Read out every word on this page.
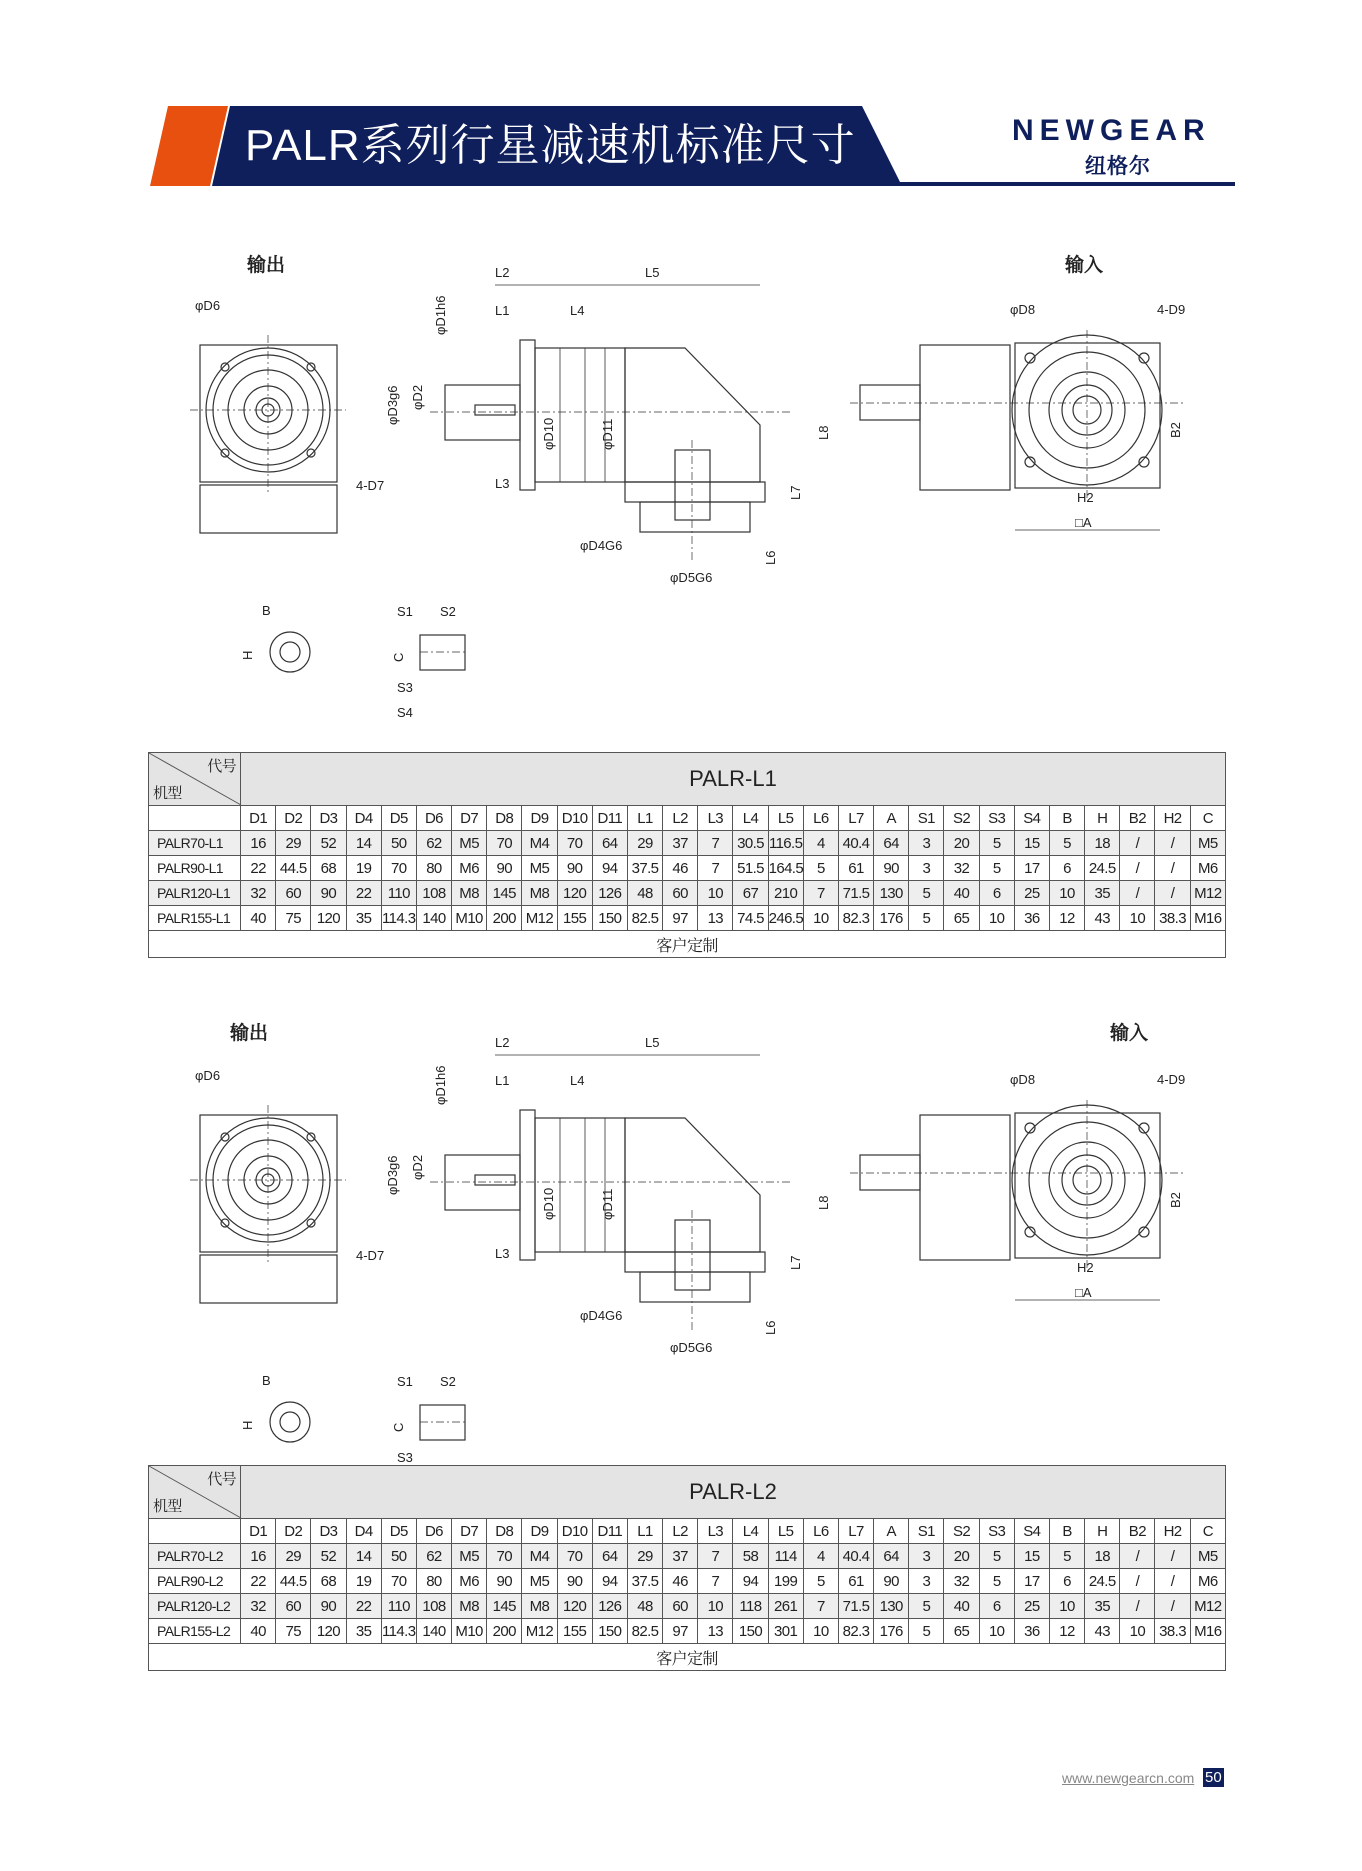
PALR系列行星减速机标准尺寸	NEWGEAR
纽格尔
输出	输入
L2	L5
L1	L4
φD1h6
φD3g6 φD2
φD10	φD11	L8
L7
L3
L6
φD4G6
φD5G6
φD6
4-D7
φD8	4-D9
B2
H2
□A
B
H
S1 S2
C
S3
S4
代号
机型	PALR-L1																											
	D1	D2	D3	D4	D5	D6	D7	D8	D9	D10	D11	L1	L2	L3	L4	L5	L6	L7	A	S1	S2	S3	S4	B	H	B2	H2	C
PALR70-L1	16	29	52	14	50	62	M5	70	M4	70	64	29	37	7	30.5	116.5	4	40.4	64	3	20	5	15	5	18	/	/	M5
PALR90-L1	22	44.5	68	19	70	80	M6	90	M5	90	94	37.5	46	7	51.5	164.5	5	61	90	3	32	5	17	6	24.5	/	/	M6
PALR120-L1	32	60	90	22	110	108	M8	145	M8	120	126	48	60	10	67	210	7	71.5	130	5	40	6	25	10	35	/	/	M12
PALR155-L1	40	75	120	35	114.3	140	M10	200	M12	155	150	82.5	97	13	74.5	246.5	10	82.3	176	5	65	10	36	12	43	10	38.3	M16
客户定制																												
输出	输入
L2	L5
L1	L4
φD1h6
φD3g6 φD2
φD10	φD11	L8
L7
L3
L6
φD4G6
φD5G6
φD6
4-D7
φD8	4-D9
B2
H2
□A
B
H
S1 S2
C
S3
代号
机型	PALR-L2																											
	D1	D2	D3	D4	D5	D6	D7	D8	D9	D10	D11	L1	L2	L3	L4	L5	L6	L7	A	S1	S2	S3	S4	B	H	B2	H2	C
PALR70-L2	16	29	52	14	50	62	M5	70	M4	70	64	29	37	7	58	114	4	40.4	64	3	20	5	15	5	18	/	/	M5
PALR90-L2	22	44.5	68	19	70	80	M6	90	M5	90	94	37.5	46	7	94	199	5	61	90	3	32	5	17	6	24.5	/	/	M6
PALR120-L2	32	60	90	22	110	108	M8	145	M8	120	126	48	60	10	118	261	7	71.5	130	5	40	6	25	10	35	/	/	M12
PALR155-L2	40	75	120	35	114.3	140	M10	200	M12	155	150	82.5	97	13	150	301	10	82.3	176	5	65	10	36	12	43	10	38.3	M16
客户定制																												
www.newgearcn.com 50
